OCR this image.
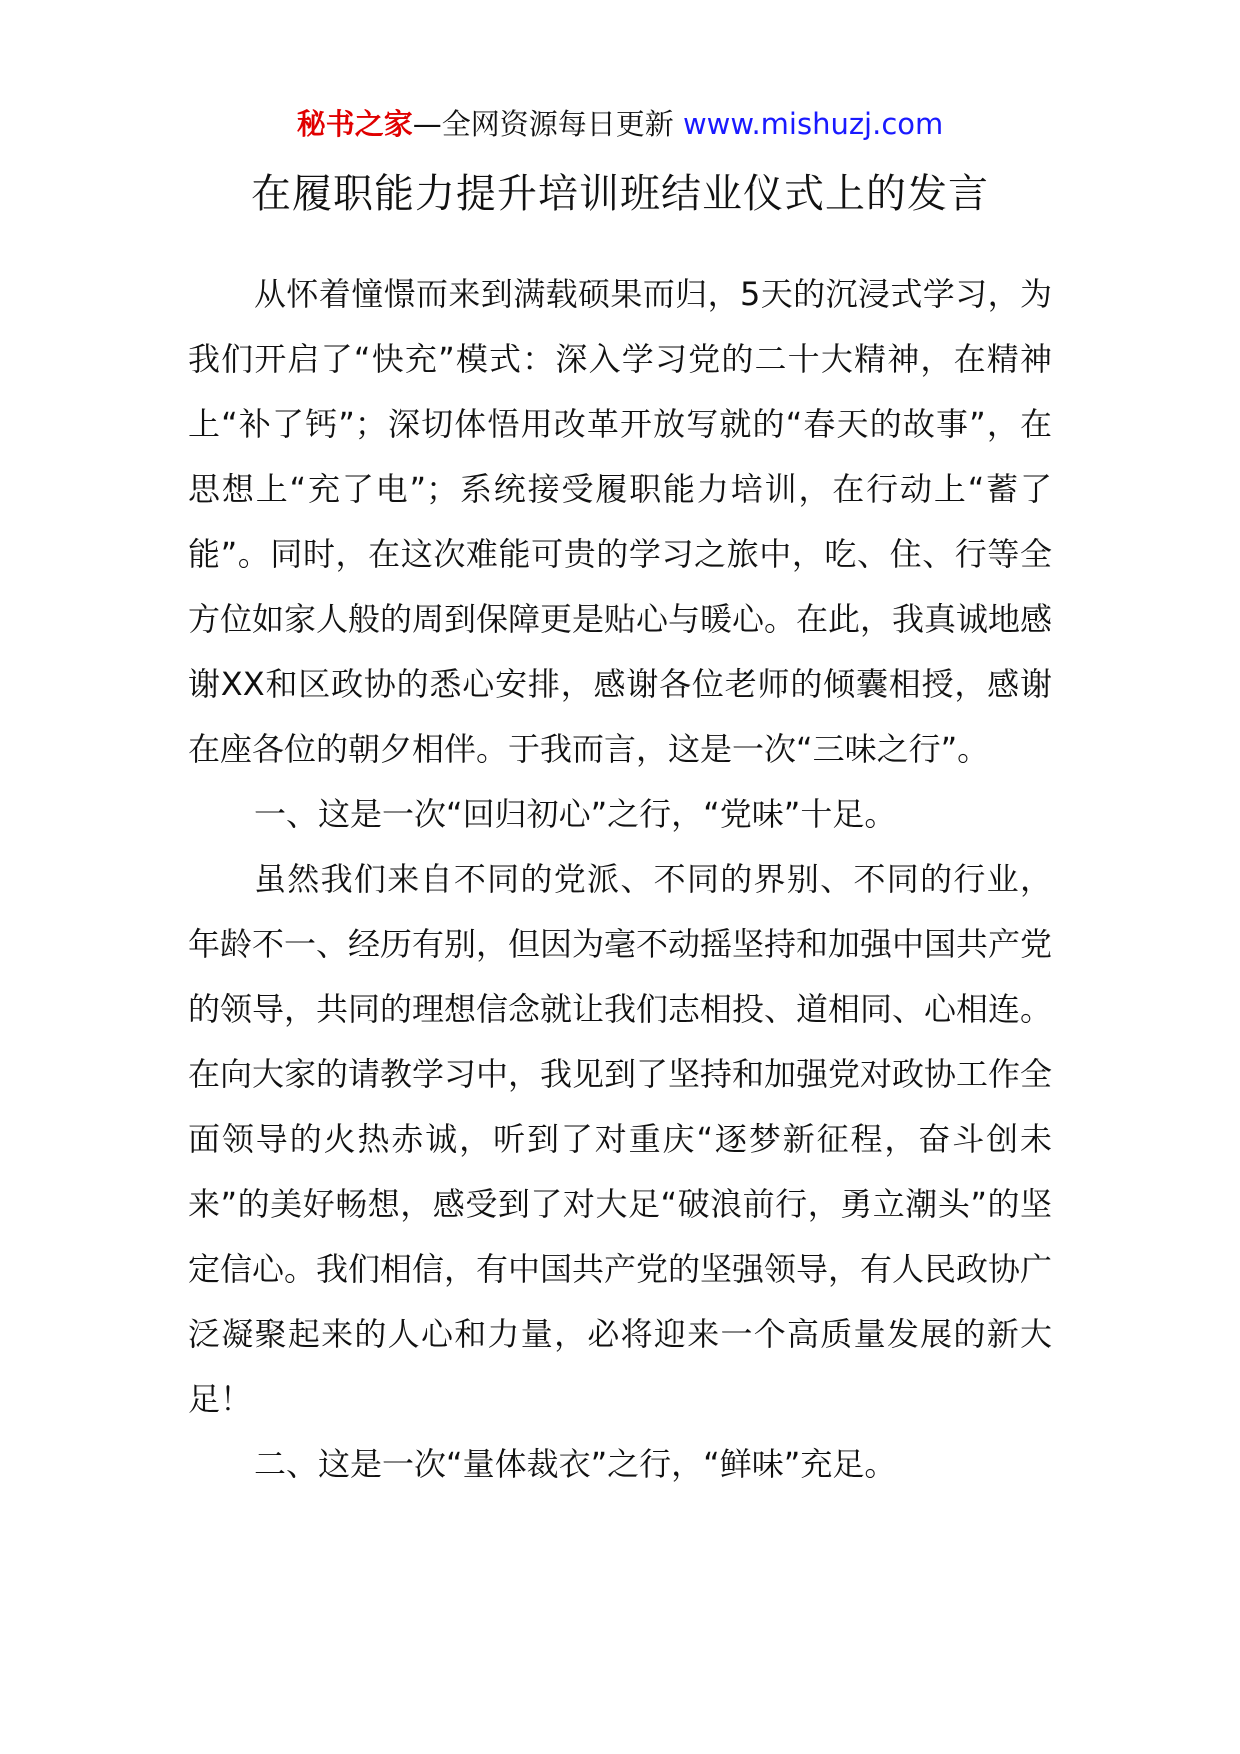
秘书之家—全网资源每日更新 www.mishuzj.com
在履职能力提升培训班结业仪式上的发言

从怀着憧憬而来到满载硕果而归，5天的沉浸式学习，为我们开启了“快充”模式：深入学习党的二十大精神，在精神上“补了钙”；深切体悟用改革开放写就的“春天的故事”，在思想上“充了电”；系统接受履职能力培训，在行动上“蓄了能”。同时，在这次难能可贵的学习之旅中，吃、住、行等全方位如家人般的周到保障更是贴心与暖心。在此，我真诚地感谢XX和区政协的悉心安排，感谢各位老师的倾囊相授，感谢在座各位的朝夕相伴。于我而言，这是一次“三味之行”。

一、这是一次“回归初心”之行，“党味”十足。

虽然我们来自不同的党派、不同的界别、不同的行业，年龄不一、经历有别，但因为毫不动摇坚持和加强中国共产党的领导，共同的理想信念就让我们志相投、道相同、心相连。在向大家的请教学习中，我见到了坚持和加强党对政协工作全面领导的火热赤诚，听到了对重庆“逐梦新征程，奋斗创未来”的美好畅想，感受到了对大足“破浪前行，勇立潮头”的坚定信心。我们相信，有中国共产党的坚强领导，有人民政协广泛凝聚起来的人心和力量，必将迎来一个高质量发展的新大足！

二、这是一次“量体裁衣”之行，“鲜味”充足。
